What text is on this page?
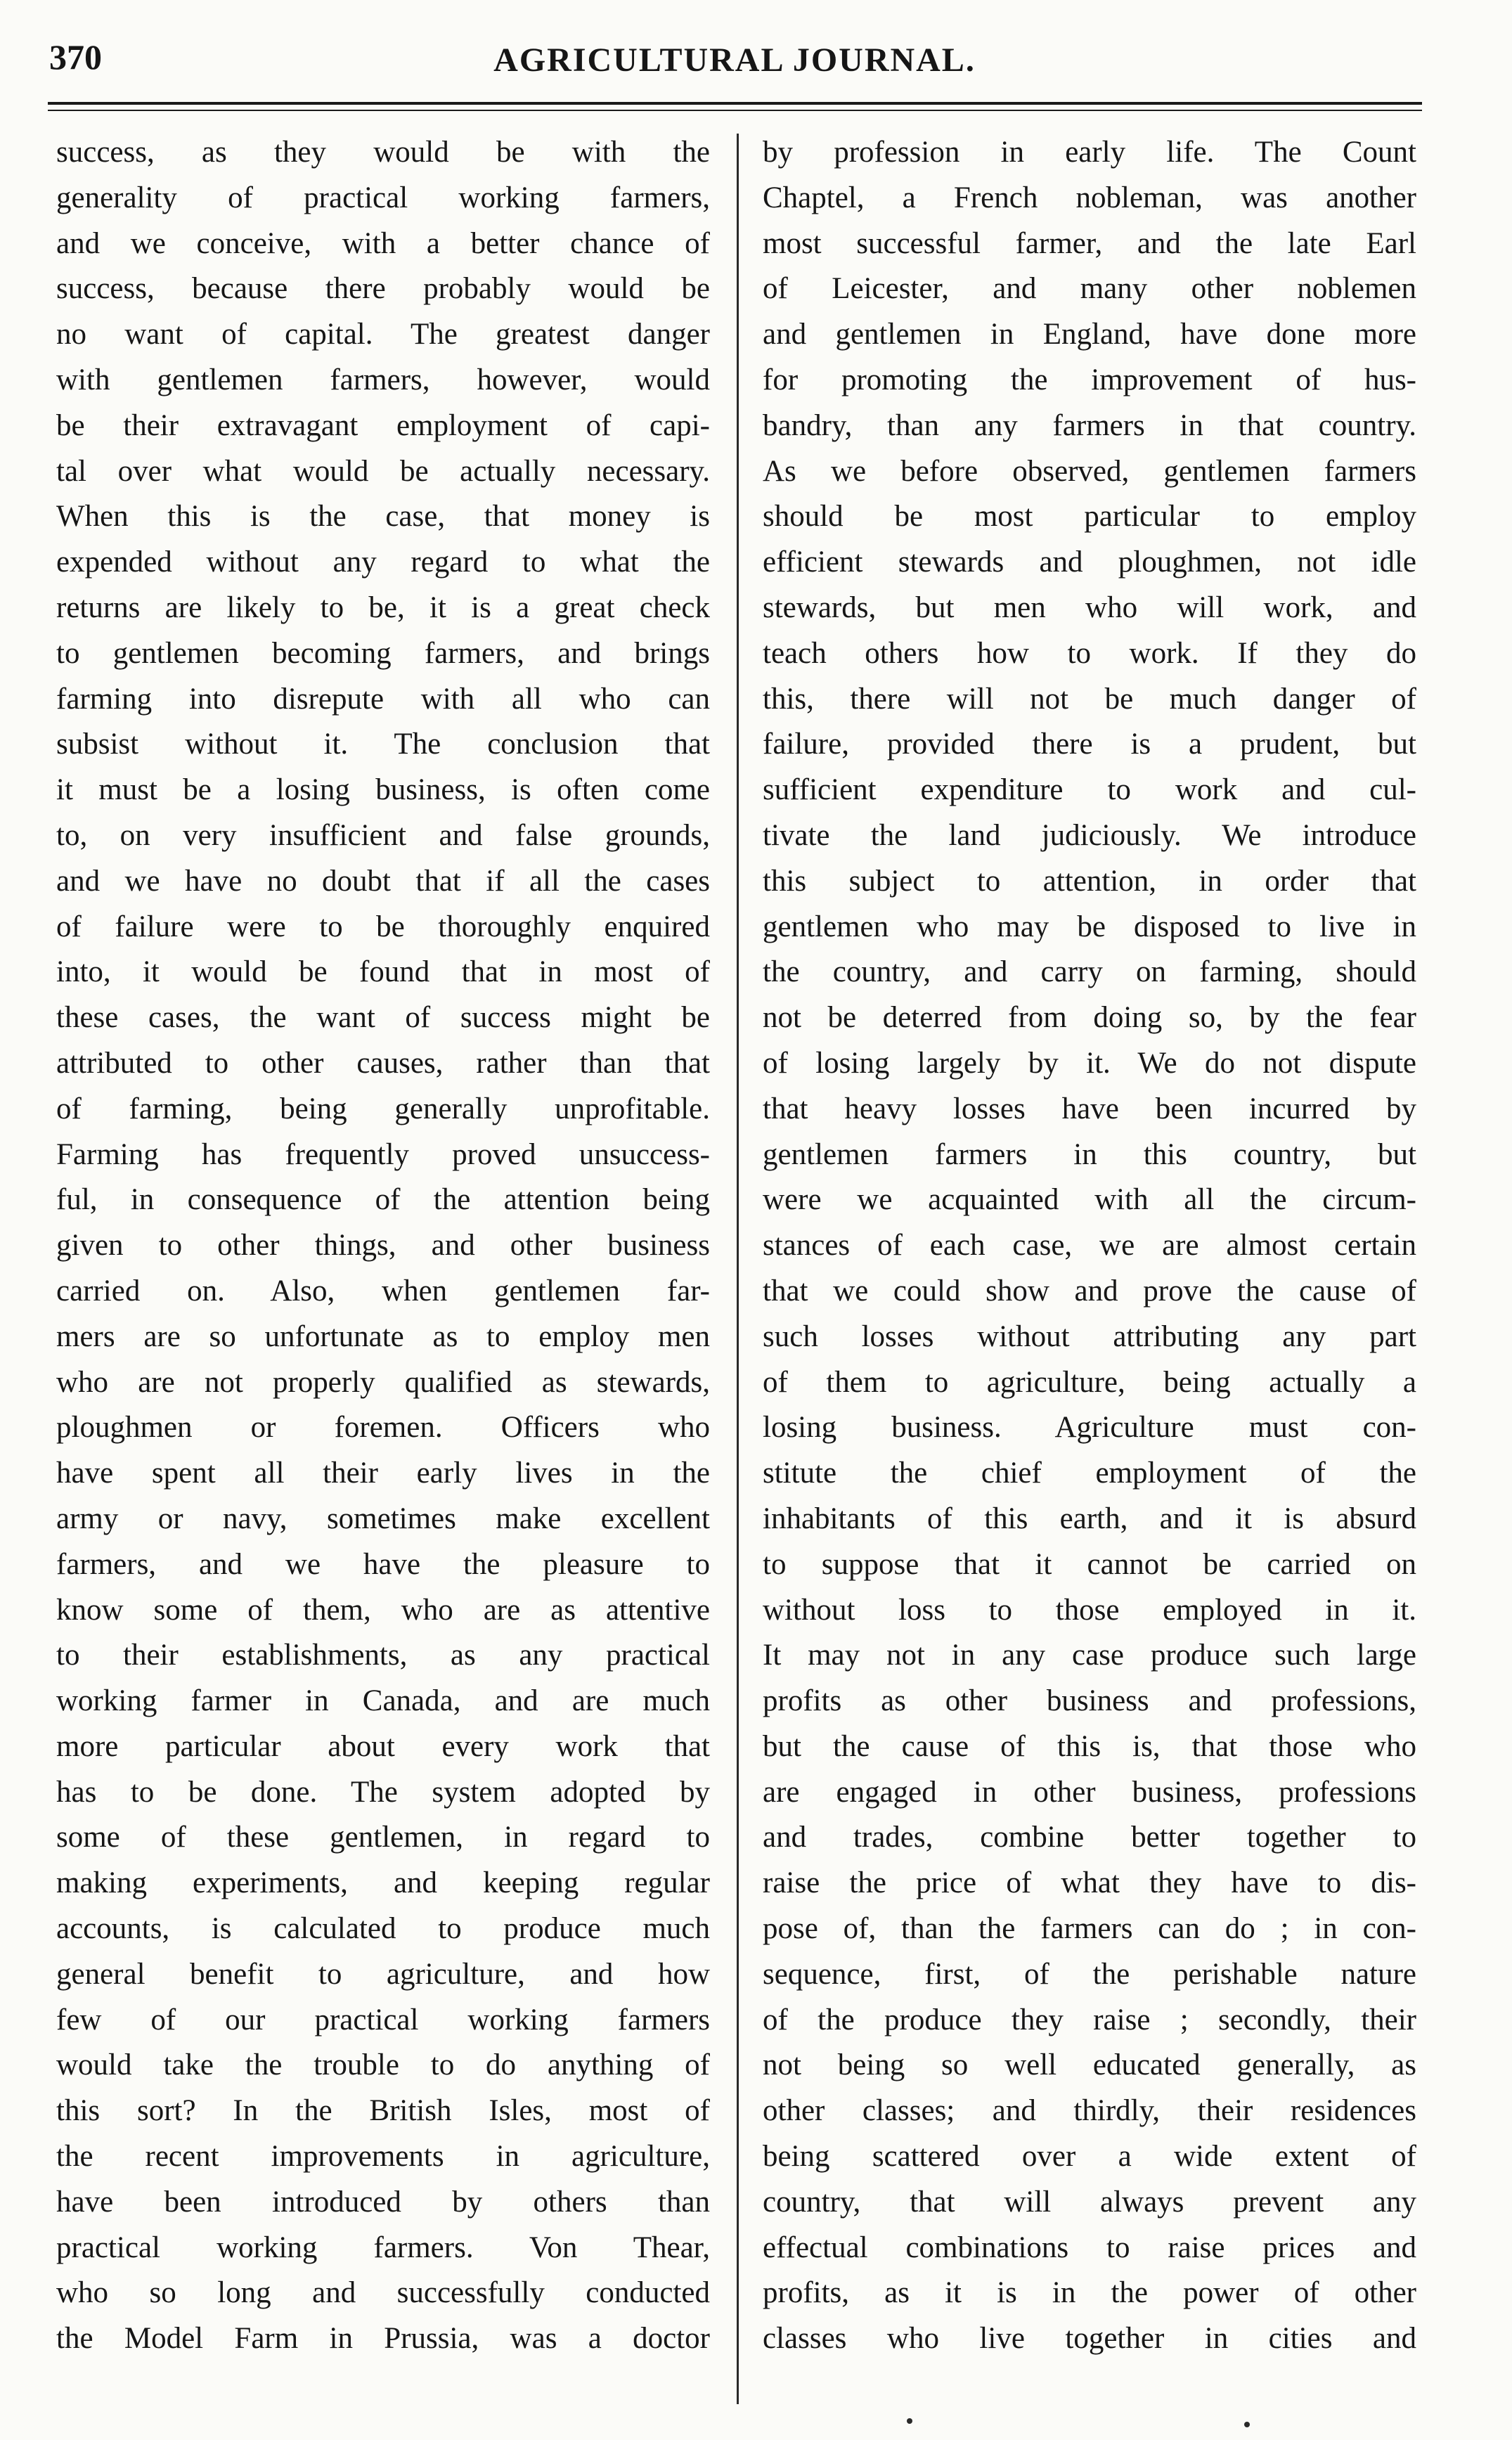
370	AGRICULTURAL JOURNAL.
success, as they would be with the
generality of practical working farmers,
and we conceive, with a better chance of
success, because there probably would be
no want of capital. The greatest danger
with gentlemen farmers, however, would
be their extravagant employment of capi-
tal over what would be actually necessary.
When this is the case, that money is
expended without any regard to what the
returns are likely to be, it is a great check
to gentlemen becoming farmers, and brings
farming into disrepute with all who can
subsist without it. The conclusion that
it must be a losing business, is often come
to, on very insufficient and false grounds,
and we have no doubt that if all the cases
of failure were to be thoroughly enquired
into, it would be found that in most of
these cases, the want of success might be
attributed to other causes, rather than that
of farming, being generally unprofitable.
Farming has frequently proved unsuccess-
ful, in consequence of the attention being
given to other things, and other business
carried on. Also, when gentlemen far-
mers are so unfortunate as to employ men
who are not properly qualified as stewards,
ploughmen or foremen. Officers who
have spent all their early lives in the
army or navy, sometimes make excellent
farmers, and we have the pleasure to
know some of them, who are as attentive
to their establishments, as any practical
working farmer in Canada, and are much
more particular about every work that
has to be done. The system adopted by
some of these gentlemen, in regard to
making experiments, and keeping regular
accounts, is calculated to produce much
general benefit to agriculture, and how
few of our practical working farmers
would take the trouble to do anything of
this sort? In the British Isles, most of
the recent improvements in agriculture,
have been introduced by others than
practical working farmers. Von Thear,
who so long and successfully conducted
the Model Farm in Prussia, was a doctor
by profession in early life. The Count
Chaptel, a French nobleman, was another
most successful farmer, and the late Earl
of Leicester, and many other noblemen
and gentlemen in England, have done more
for promoting the improvement of hus-
bandry, than any farmers in that country.
As we before observed, gentlemen farmers
should be most particular to employ
efficient stewards and ploughmen, not idle
stewards, but men who will work, and
teach others how to work. If they do
this, there will not be much danger of
failure, provided there is a prudent, but
sufficient expenditure to work and cul-
tivate the land judiciously. We introduce
this subject to attention, in order that
gentlemen who may be disposed to live in
the country, and carry on farming, should
not be deterred from doing so, by the fear
of losing largely by it. We do not dispute
that heavy losses have been incurred by
gentlemen farmers in this country, but
were we acquainted with all the circum-
stances of each case, we are almost certain
that we could show and prove the cause of
such losses without attributing any part
of them to agriculture, being actually a
losing business. Agriculture must con-
stitute the chief employment of the
inhabitants of this earth, and it is absurd
to suppose that it cannot be carried on
without loss to those employed in it.
It may not in any case produce such large
profits as other business and professions,
but the cause of this is, that those who
are engaged in other business, professions
and trades, combine better together to
raise the price of what they have to dis-
pose of, than the farmers can do ; in con-
sequence, first, of the perishable nature
of the produce they raise ; secondly, their
not being so well educated generally, as
other classes; and thirdly, their residences
being scattered over a wide extent of
country, that will always prevent any
effectual combinations to raise prices and
profits, as it is in the power of other
classes who live together in cities and
